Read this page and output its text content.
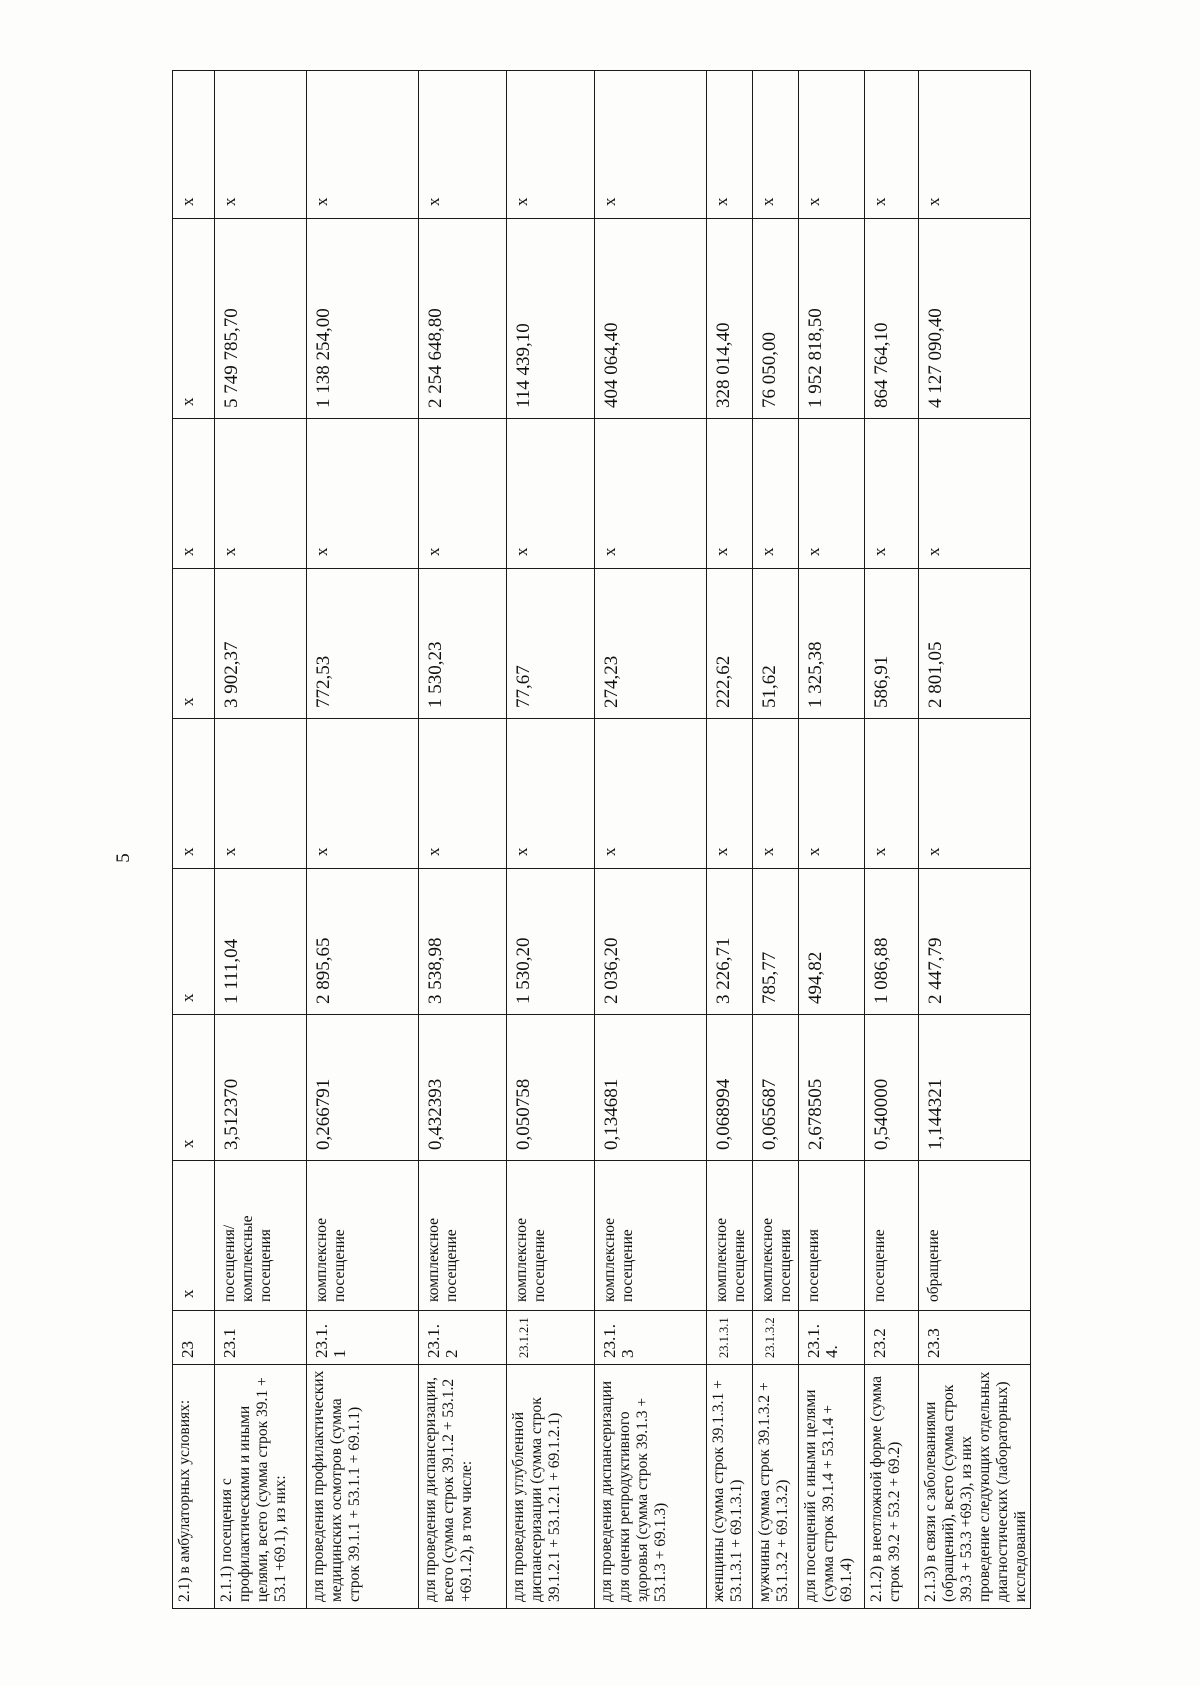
5
2.1) в амбулаторных условиях:	23	x	x	x	x	x	x	x	x
2.1.1) посещения с профилактическими и иными целями, всего (сумма строк 39.1 + 53.1 +69.1), из них:	23.1	посещения/комплексные посещения	3,512370	1 111,04	x	3 902,37	x	5 749 785,70	x
для проведения профилактических медицинских осмотров (сумма строк 39.1.1 + 53.1.1 + 69.1.1)	23.1.1	комплексное посещение	0,266791	2 895,65	x	772,53	x	1 138 254,00	x
для проведения диспансеризации, всего (сумма строк 39.1.2 + 53.1.2 +69.1.2), в том числе:	23.1.2	комплексное посещение	0,432393	3 538,98	x	1 530,23	x	2 254 648,80	x
для проведения углубленной диспансеризации (сумма строк 39.1.2.1 + 53.1.2.1 + 69.1.2.1)	23.1.2.1	комплексное посещение	0,050758	1 530,20	x	77,67	x	114 439,10	x
для проведения диспансеризации для оценки репродуктивного здоровья (сумма строк 39.1.3 + 53.1.3 + 69.1.3)	23.1.3	комплексное посещение	0,134681	2 036,20	x	274,23	x	404 064,40	x
женщины (сумма строк 39.1.3.1 + 53.1.3.1 + 69.1.3.1)	23.1.3.1	комплексное посещение	0,068994	3 226,71	x	222,62	x	328 014,40	x
мужчины (сумма строк 39.1.3.2 + 53.1.3.2 + 69.1.3.2)	23.1.3.2	комплексное посещения	0,065687	785,77	x	51,62	x	76 050,00	x
для посещений с иными целями (сумма строк 39.1.4 + 53.1.4 + 69.1.4)	23.1.4.	посещения	2,678505	494,82	x	1 325,38	x	1 952 818,50	x
2.1.2) в неотложной форме (сумма строк 39.2 + 53.2 + 69.2)	23.2	посещение	0,540000	1 086,88	x	586,91	x	864 764,10	x
2.1.3) в связи с заболеваниями (обращений), всего (сумма строк 39.3 + 53.3 +69.3), из них проведение следующих отдельных диагностических (лабораторных) исследований	23.3	обращение	1,144321	2 447,79	x	2 801,05	x	4 127 090,40	x
